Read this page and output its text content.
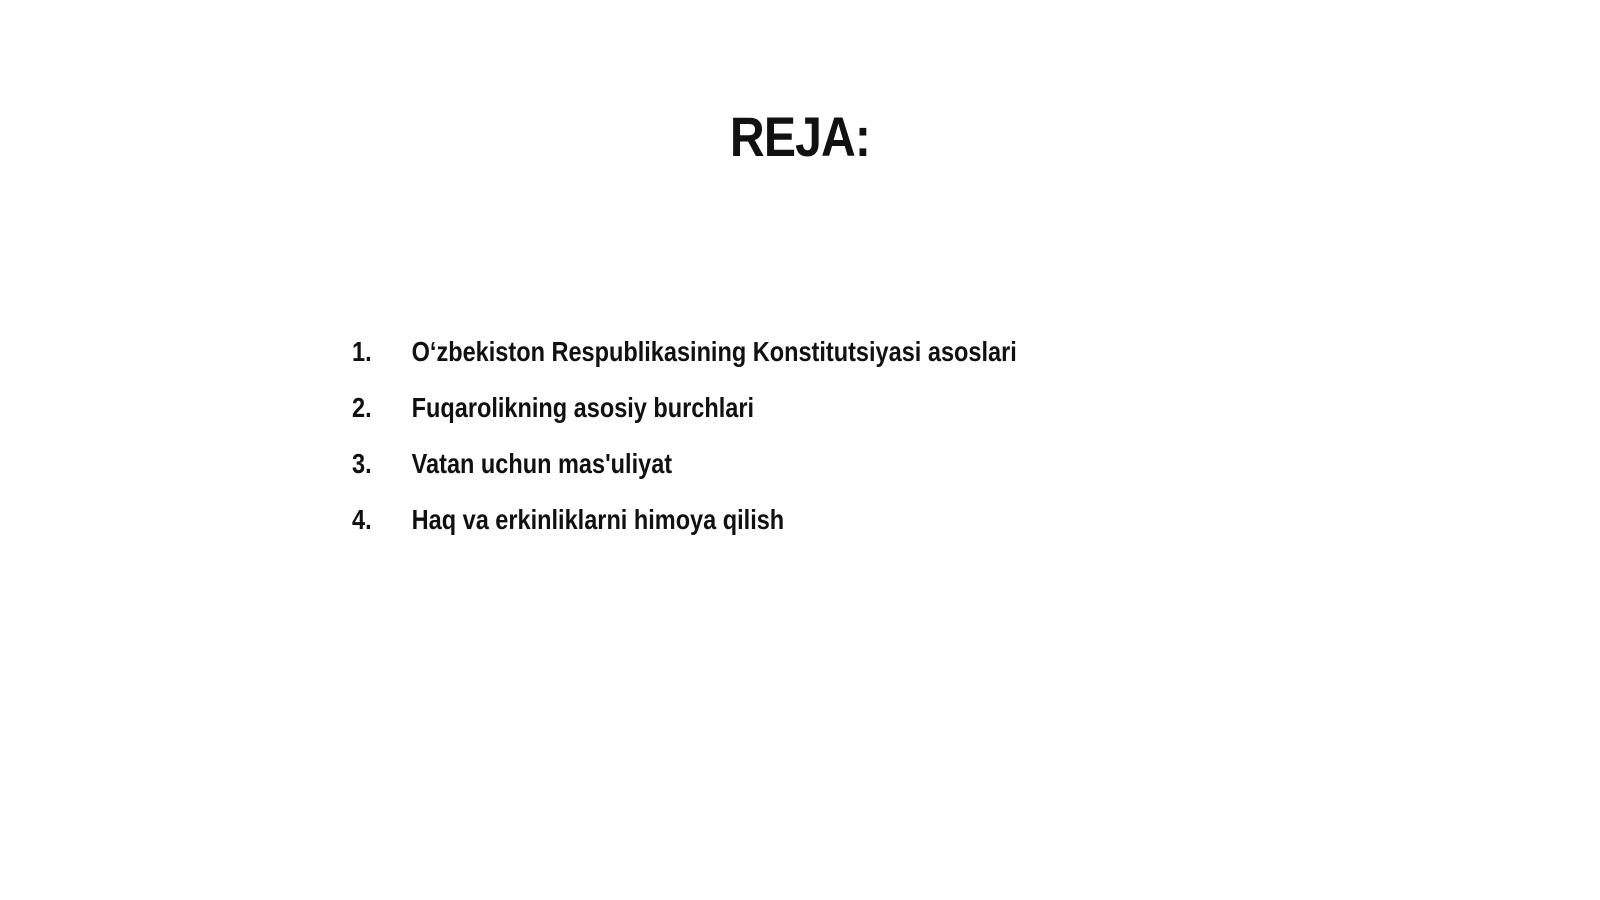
REJA:
1.	O‘zbekiston Respublikasining Konstitutsiyasi asoslari
2.	Fuqarolikning asosiy burchlari
3.	Vatan uchun mas'uliyat
4.	Haq va erkinliklarni himoya qilish
